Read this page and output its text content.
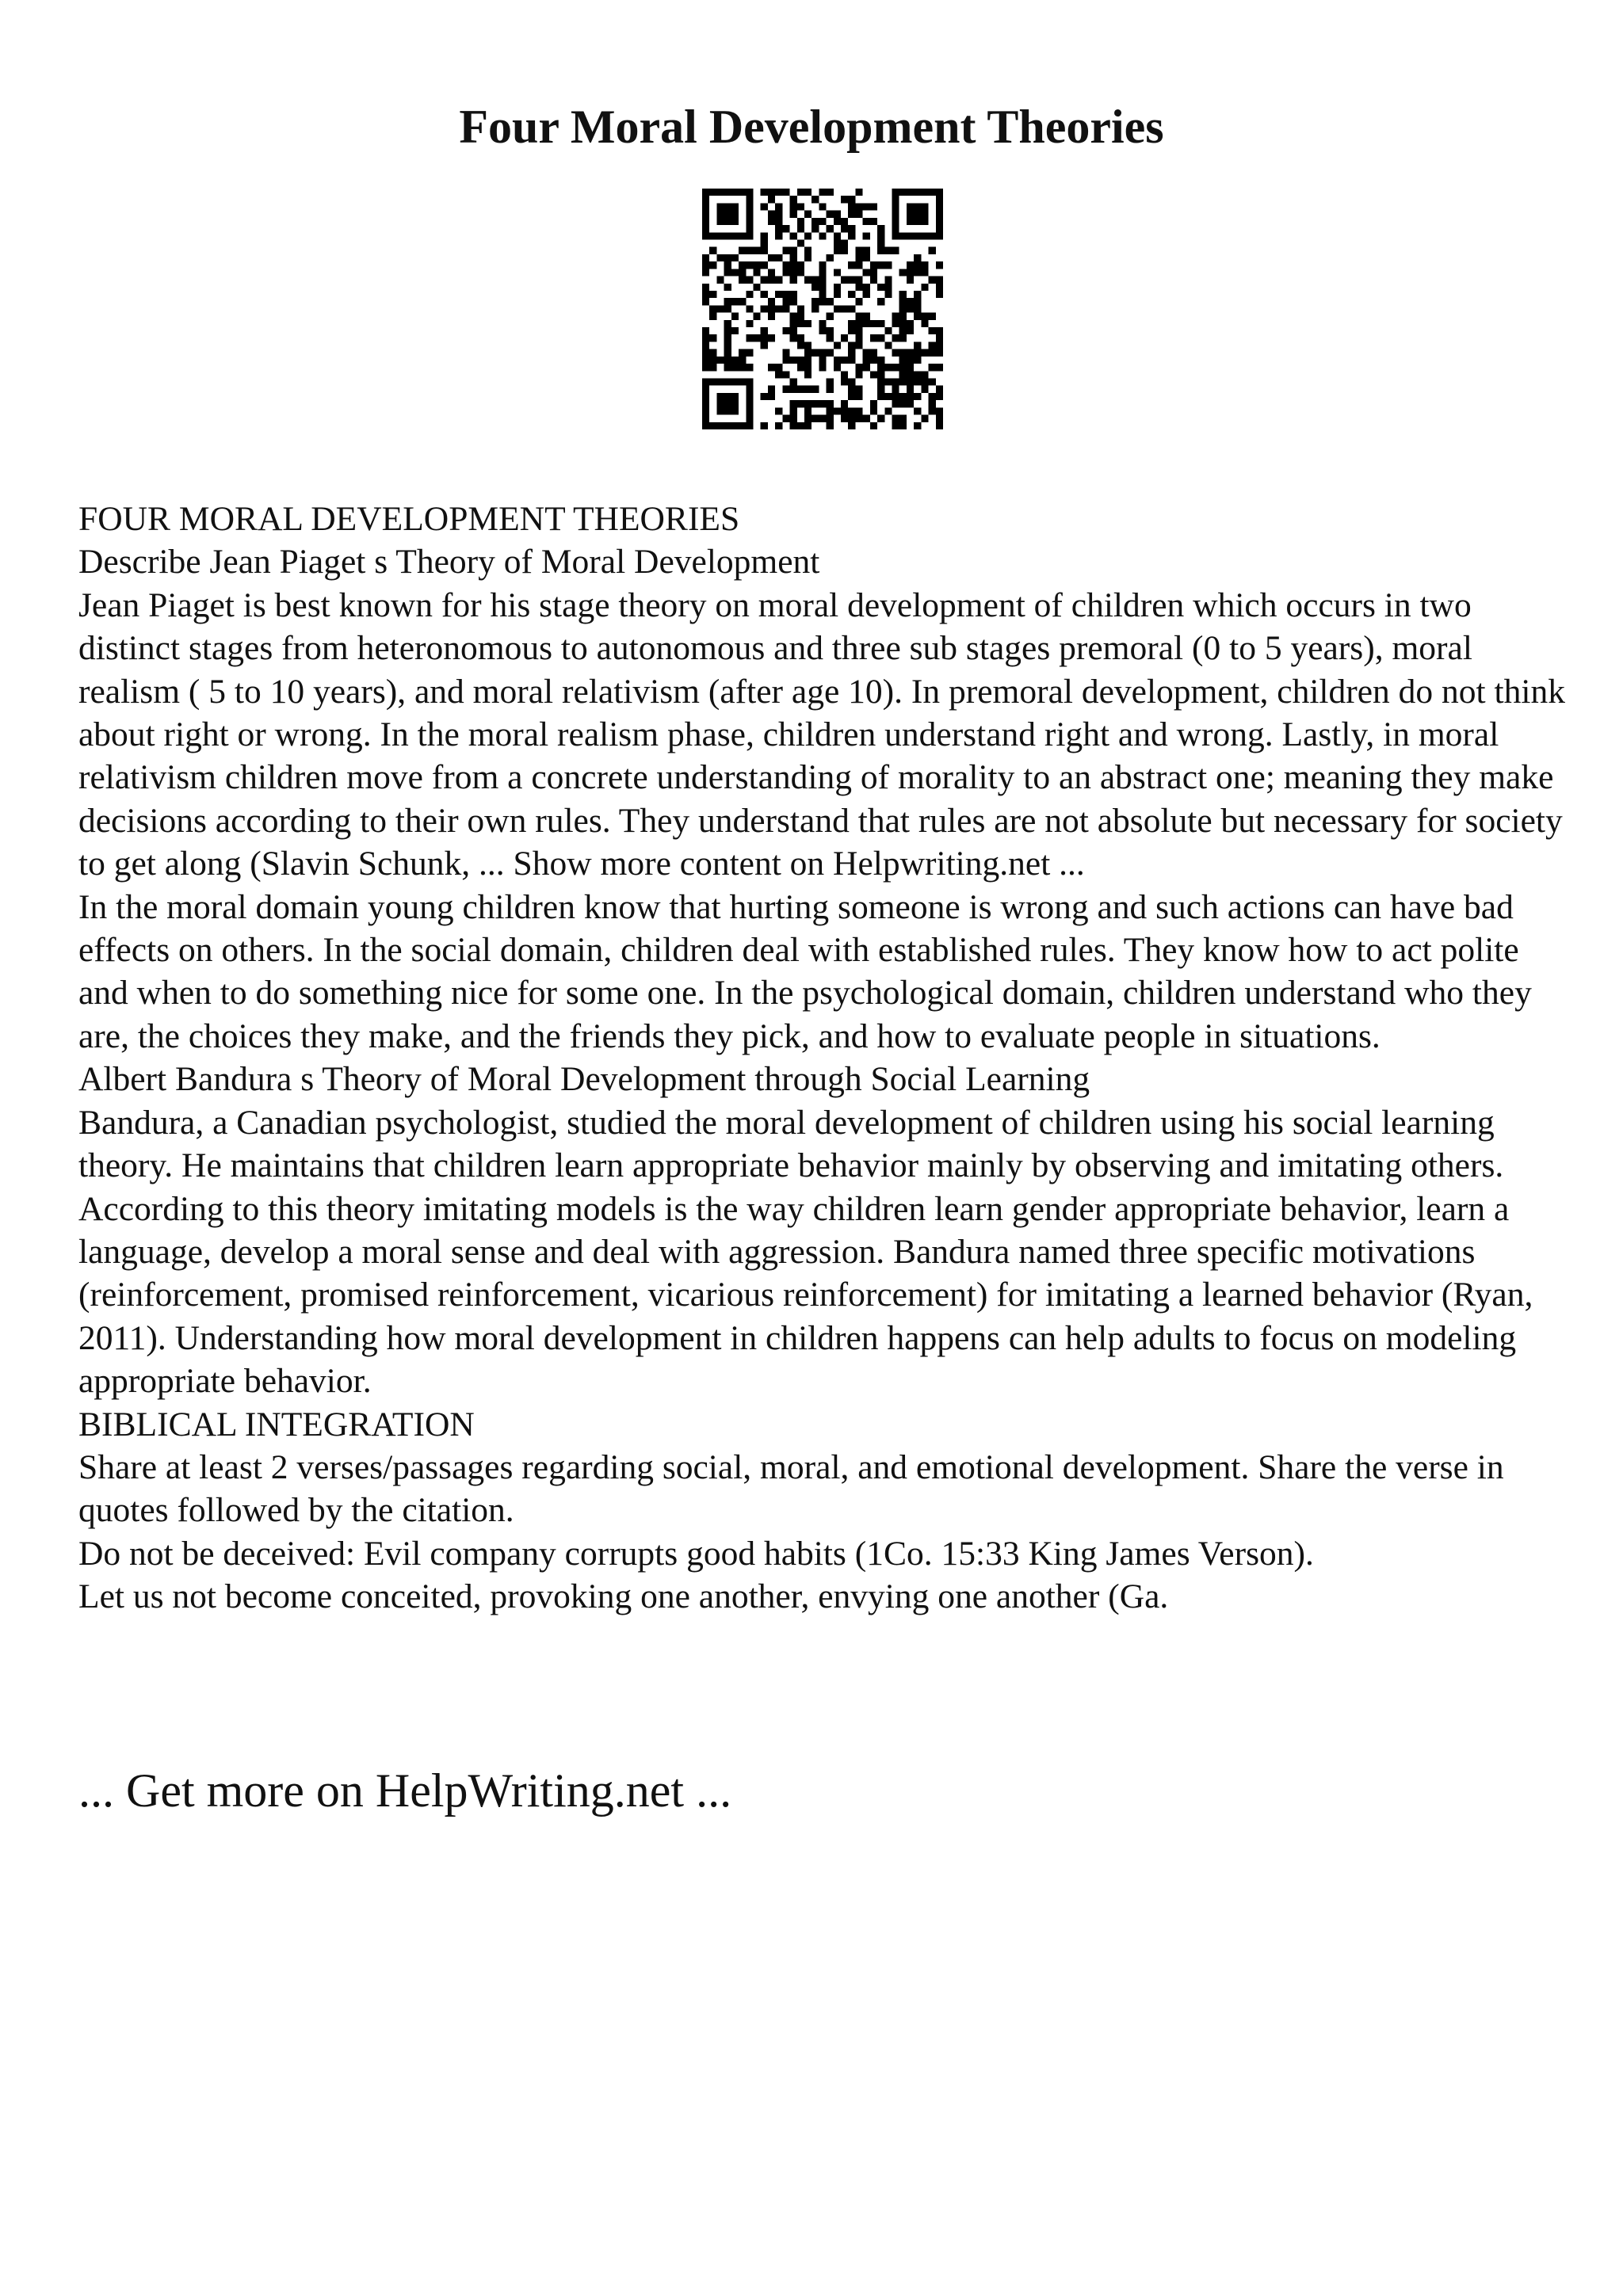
Four Moral Development Theories

FOUR MORAL DEVELOPMENT THEORIES

Describe Jean Piaget s Theory of Moral Development

Jean Piaget is best known for his stage theory on moral development of children which occurs in two distinct stages from heteronomous to autonomous and three sub stages premoral (0 to 5 years), moral realism ( 5 to 10 years), and moral relativism (after age 10). In premoral development, children do not think about right or wrong. In the moral realism phase, children understand right and wrong. Lastly, in moral relativism children move from a concrete understanding of morality to an abstract one; meaning they make decisions according to their own rules. They understand that rules are not absolute but necessary for society to get along (Slavin Schunk, ... Show more content on Helpwriting.net ...

In the moral domain young children know that hurting someone is wrong and such actions can have bad effects on others. In the social domain, children deal with established rules. They know how to act polite and when to do something nice for some one. In the psychological domain, children understand who they are, the choices they make, and the friends they pick, and how to evaluate people in situations.

Albert Bandura s Theory of Moral Development through Social Learning

Bandura, a Canadian psychologist, studied the moral development of children using his social learning theory. He maintains that children learn appropriate behavior mainly by observing and imitating others. According to this theory imitating models is the way children learn gender appropriate behavior, learn a language, develop a moral sense and deal with aggression. Bandura named three specific motivations (reinforcement, promised reinforcement, vicarious reinforcement) for imitating a learned behavior (Ryan, 2011). Understanding how moral development in children happens can help adults to focus on modeling appropriate behavior.

BIBLICAL INTEGRATION

Share at least 2 verses/passages regarding social, moral, and emotional development. Share the verse in quotes followed by the citation.

Do not be deceived: Evil company corrupts good habits (1Co. 15:33 King James Verson).

Let us not become conceited, provoking one another, envying one another (Ga.

... Get more on HelpWriting.net ...
